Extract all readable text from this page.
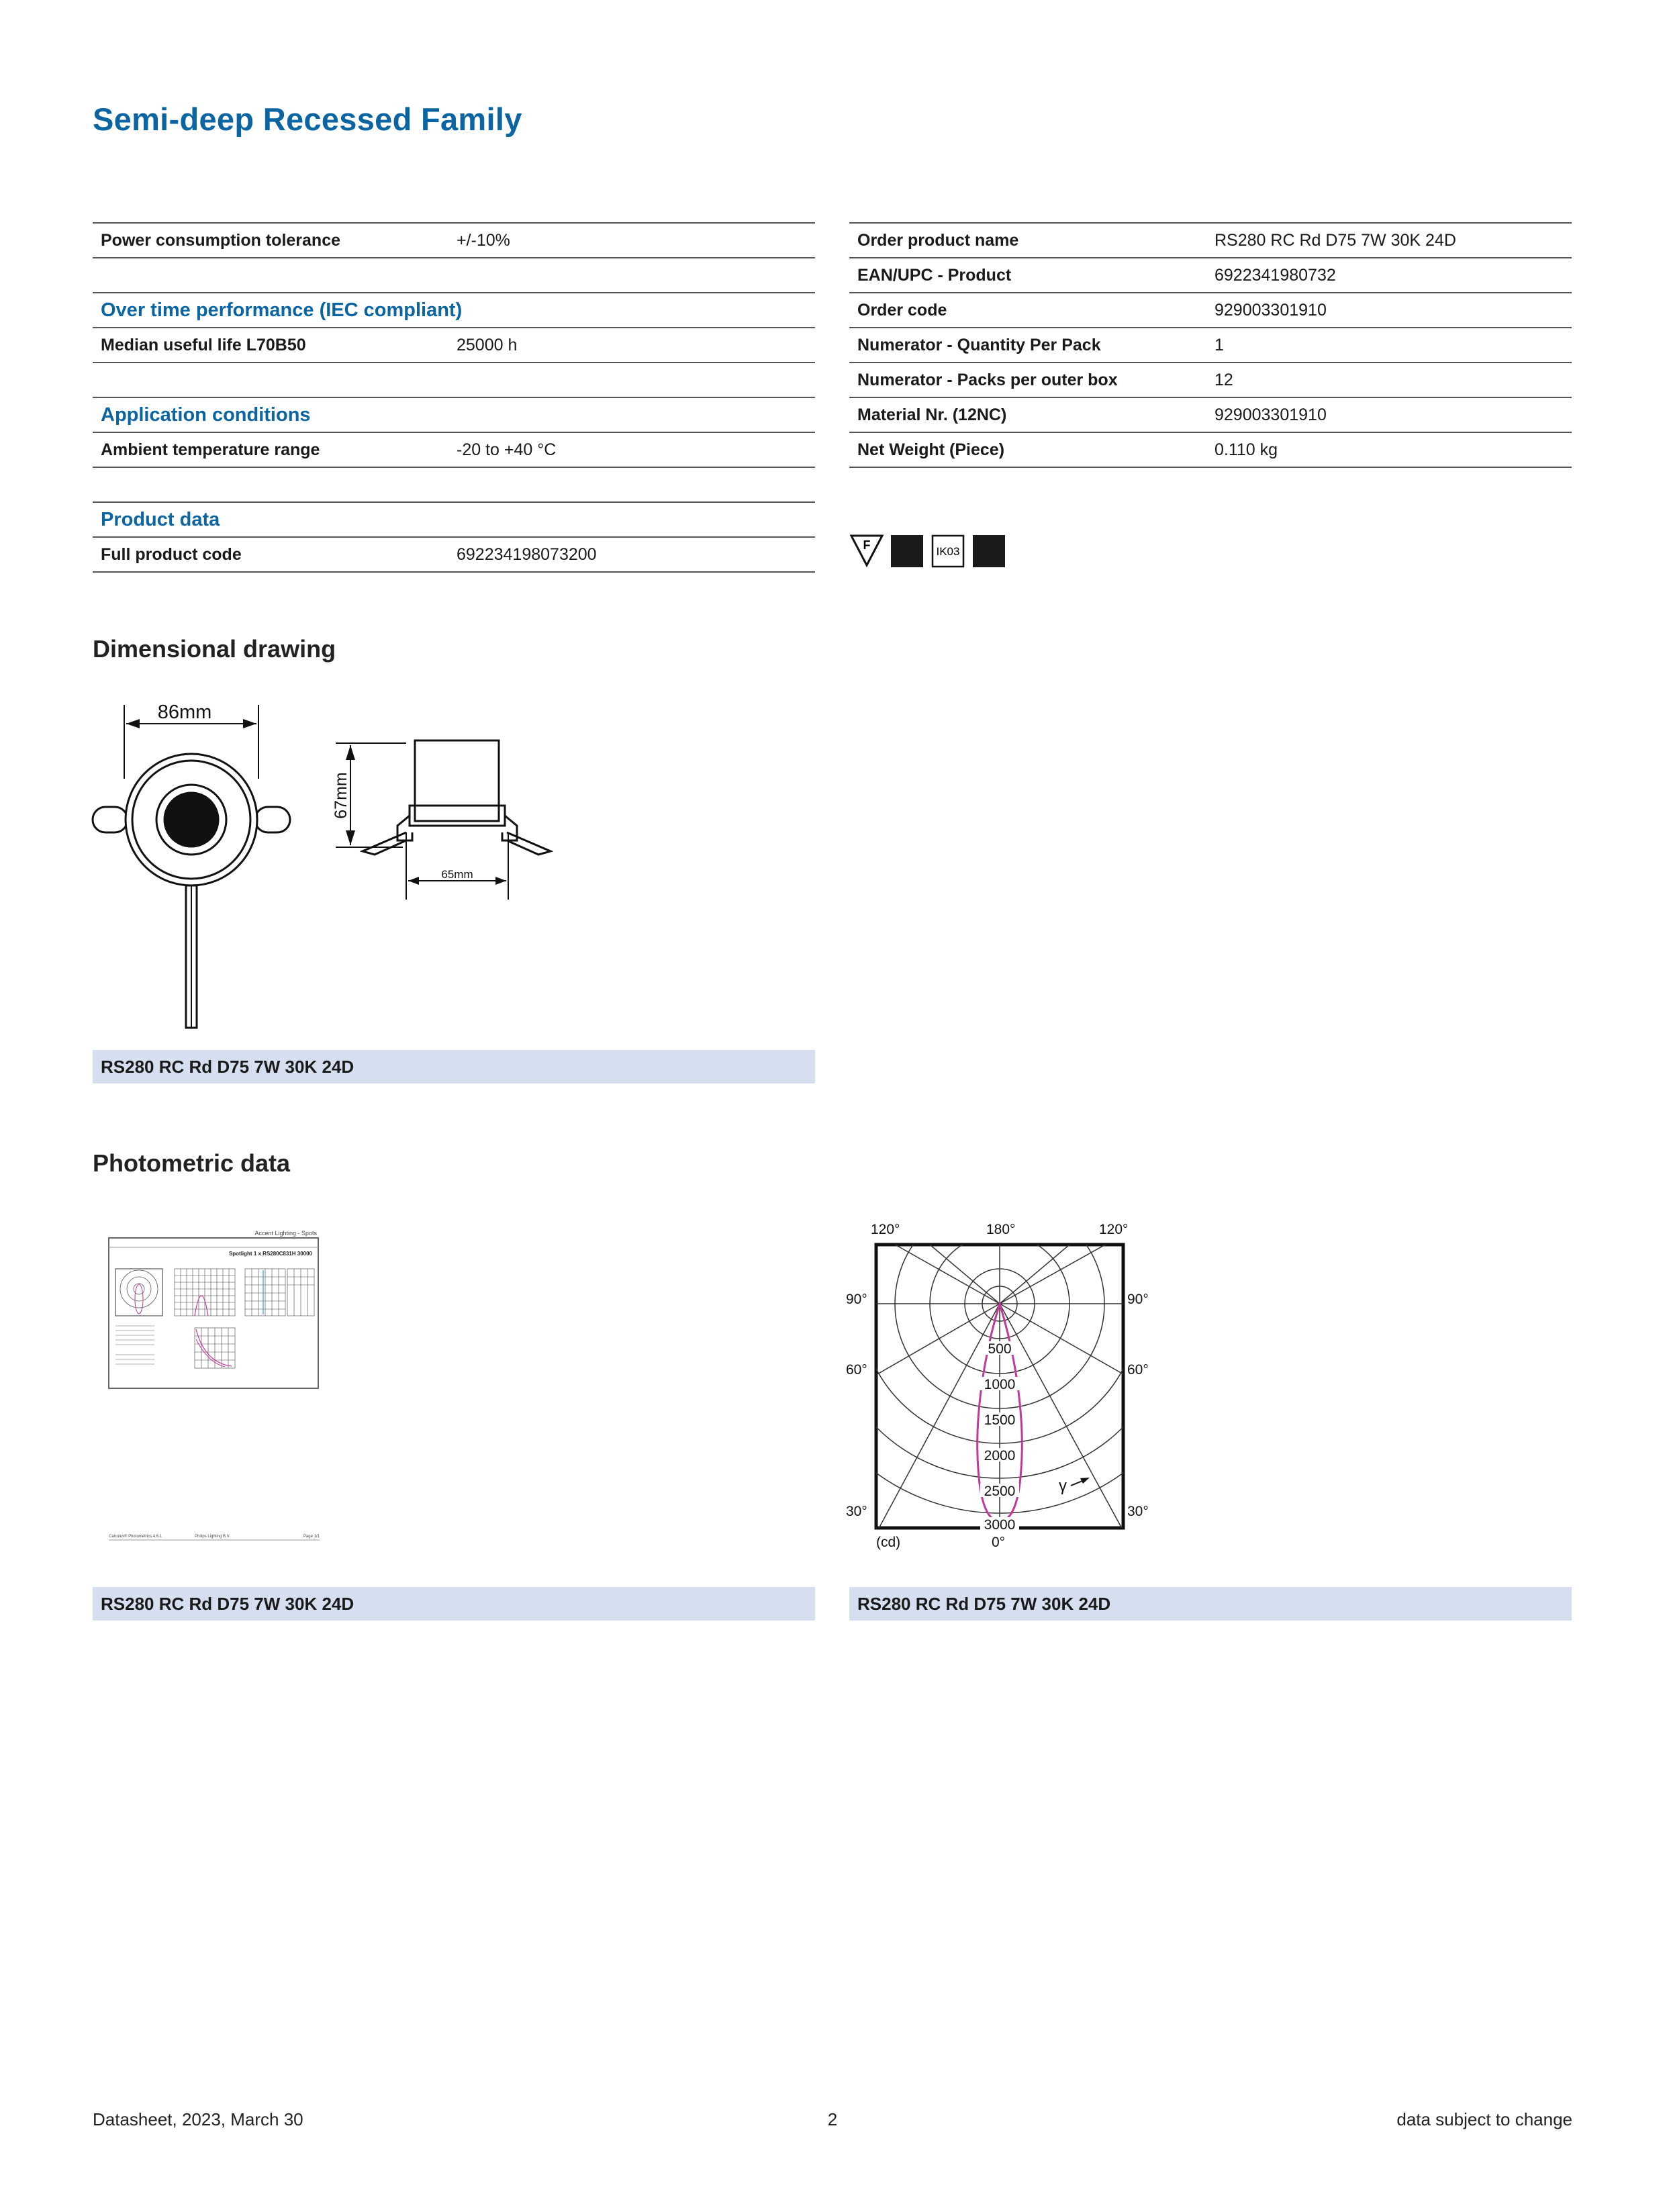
Semi-deep Recessed Family
Power consumption tolerance	+/-10%

Over time performance (IEC compliant)	
Median useful life L70B50	25000 h

Application conditions	
Ambient temperature range	-20 to +40 °C

Product data	
Full product code	692234198073200
Order product name	RS280 RC Rd D75 7W 30K 24D
EAN/UPC - Product	6922341980732
Order code	929003301910
Numerator - Quantity Per Pack	1
Numerator - Packs per outer box	12
Material Nr. (12NC)	929003301910
Net Weight (Piece)	0.110 kg
F	IK03
Dimensional drawing
86mm
67mm
65mm
RS280 RC Rd D75 7W 30K 24D
Photometric data
Accent Lighting - Spots
Spotlight 1 x RS280C831H 30000
Calculux® Photometrics 4.6.1	Philips Lighting B.V.	Page 1/1
RS280 RC Rd D75 7W 30K 24D
500
1000
1500
2000
2500
3000
120°	180°	120°
90°	90°
60°	60°
30°	30°
0°
(cd)
γ
RS280 RC Rd D75 7W 30K 24D
Datasheet, 2023, March 30	2	data subject to change
